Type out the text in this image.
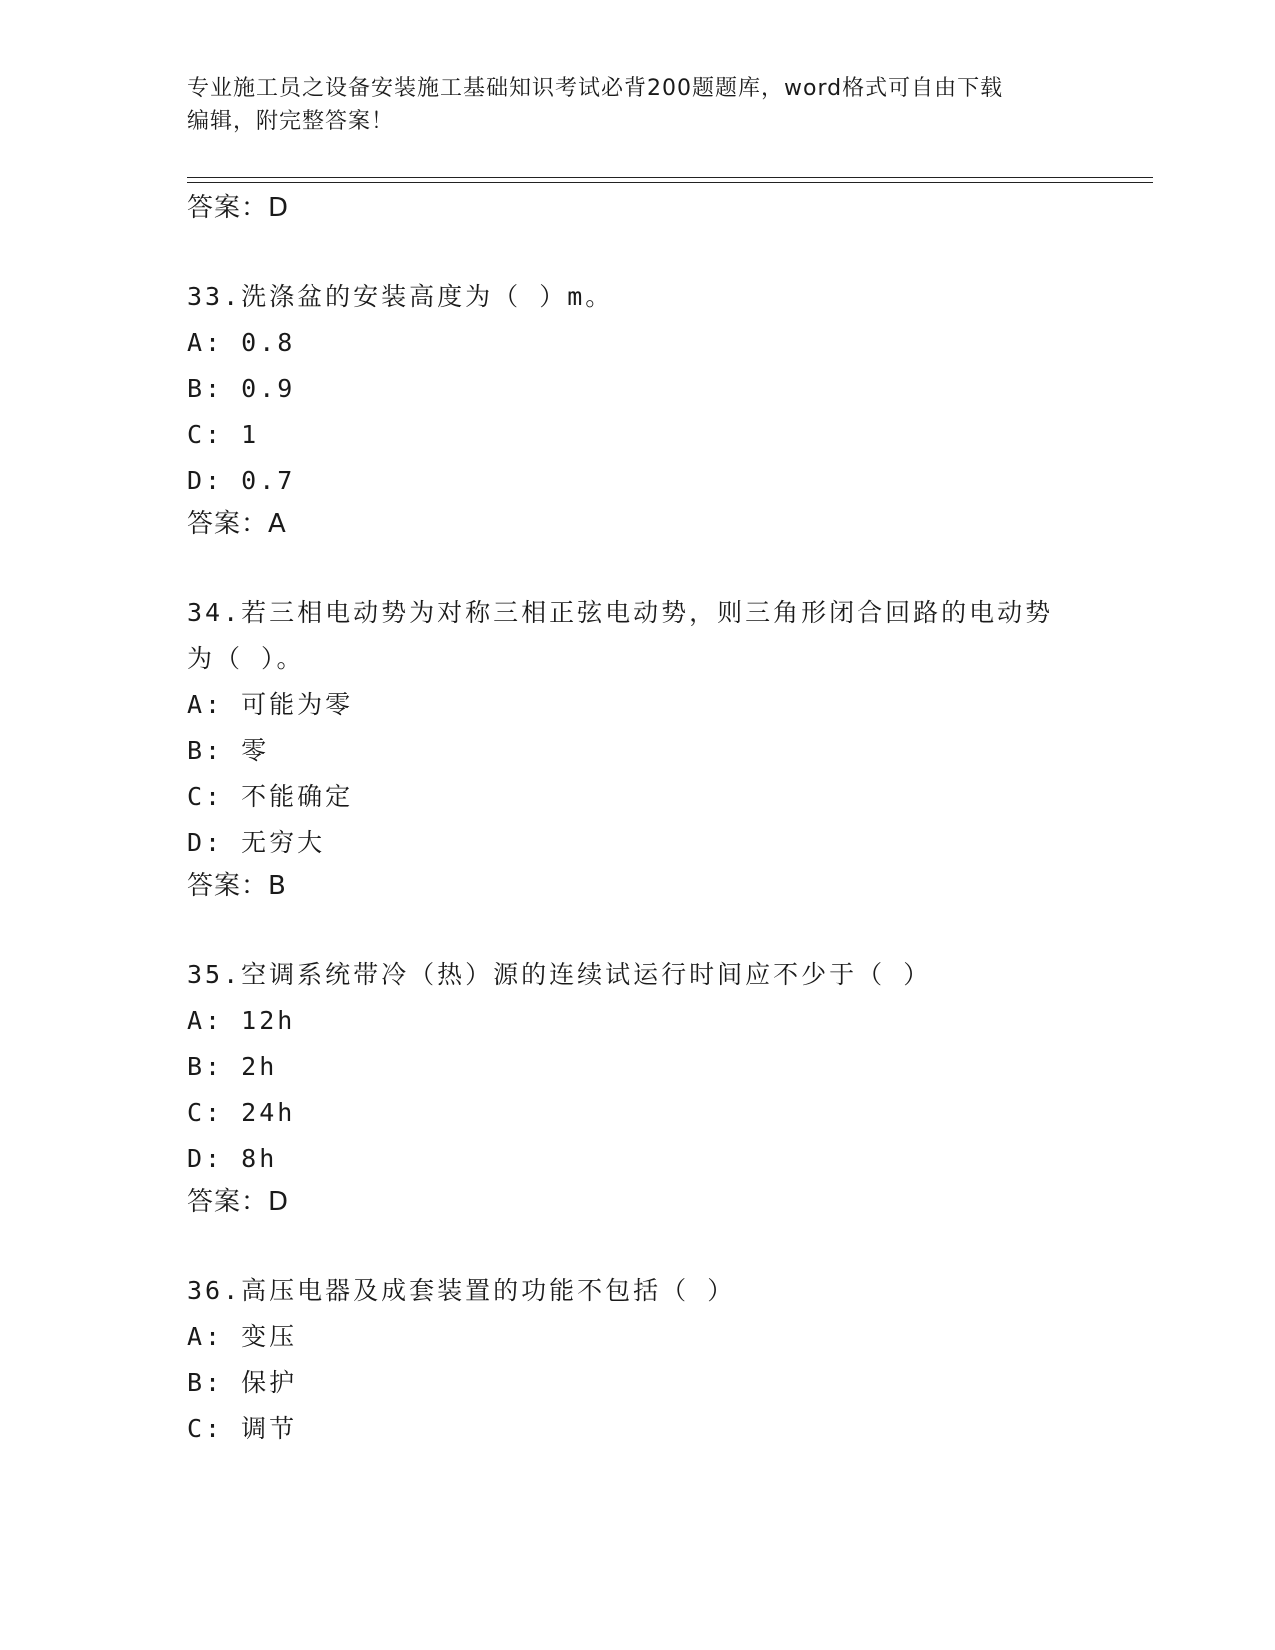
专业施工员之设备安装施工基础知识考试必背200题题库，word格式可自由下载
编辑，附完整答案！
答案：D
33.洗涤盆的安装高度为（ ）m。
A: 0.8
B: 0.9
C: 1
D: 0.7
答案：A
34.若三相电动势为对称三相正弦电动势，则三角形闭合回路的电动势
为（ ）。
A: 可能为零
B: 零
C: 不能确定
D: 无穷大
答案：B
35.空调系统带冷（热）源的连续试运行时间应不少于（ ）
A: 12h
B: 2h
C: 24h
D: 8h
答案：D
36.高压电器及成套装置的功能不包括（ ）
A: 变压
B: 保护
C: 调节
